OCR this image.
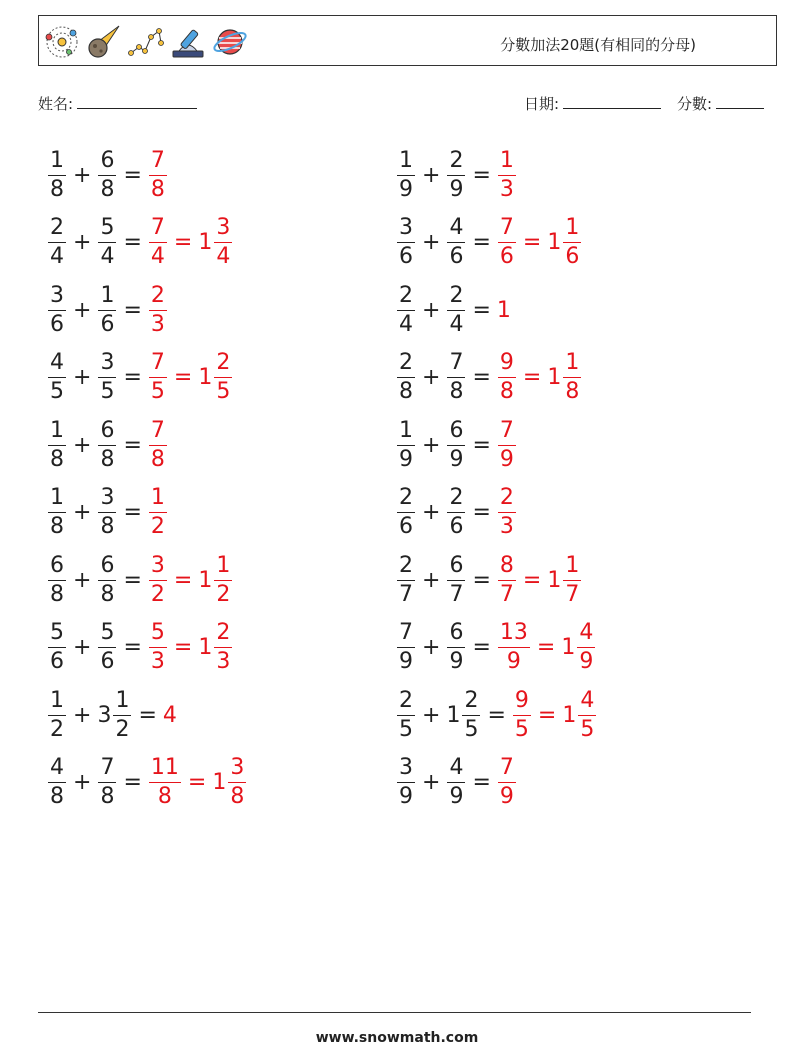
分數加法20題(有相同的分母)
姓名:	日期:	分數:
$\frac{1}{8} + \frac{6}{8} = \frac{7}{8}$	$\frac{1}{9} + \frac{2}{9} = \frac{1}{3}$
$\frac{2}{4} + \frac{5}{4} = \frac{7}{4} = 1 \frac{3}{4}$	$\frac{3}{6} + \frac{4}{6} = \frac{7}{6} = 1 \frac{1}{6}$
$\frac{3}{6} + \frac{1}{6} = \frac{2}{3}$	$\frac{2}{4} + \frac{2}{4} = 1$
$\frac{4}{5} + \frac{3}{5} = \frac{7}{5} = 1 \frac{2}{5}$	$\frac{2}{8} + \frac{7}{8} = \frac{9}{8} = 1 \frac{1}{8}$
$\frac{1}{8} + \frac{6}{8} = \frac{7}{8}$	$\frac{1}{9} + \frac{6}{9} = \frac{7}{9}$
$\frac{1}{8} + \frac{3}{8} = \frac{1}{2}$	$\frac{2}{6} + \frac{2}{6} = \frac{2}{3}$
$\frac{6}{8} + \frac{6}{8} = \frac{3}{2} = 1 \frac{1}{2}$	$\frac{2}{7} + \frac{6}{7} = \frac{8}{7} = 1 \frac{1}{7}$
$\frac{5}{6} + \frac{5}{6} = \frac{5}{3} = 1 \frac{2}{3}$	$\frac{7}{9} + \frac{6}{9} = \frac{13}{9} = 1 \frac{4}{9}$
$\frac{1}{2} + 3 \frac{1}{2} = 4$	$\frac{2}{5} + 1 \frac{2}{5} = \frac{9}{5} = 1 \frac{4}{5}$
$\frac{4}{8} + \frac{7}{8} = \frac{11}{8} = 1 \frac{3}{8}$	$\frac{3}{9} + \frac{4}{9} = \frac{7}{9}$
www.snowmath.com
